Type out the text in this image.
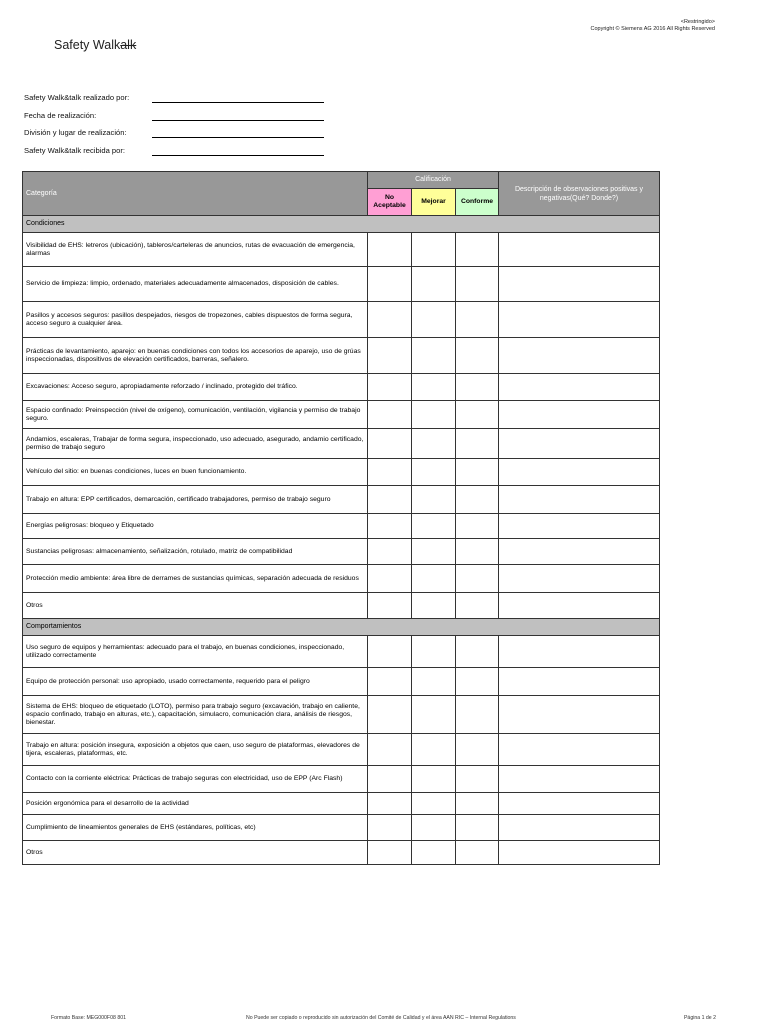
<Restringido>
Copyright © Siemens AG 2016 All Rights Reserved
Safety Walkalk
Safety Walk&talk realizado por:
Fecha de realización:
División y lugar de realización:
Safety Walk&talk recibida por:
Categoría	Calificación			Descripción de observaciones positivas y negativas(Qué? Donde?)
	No Aceptable	Mejorar	Conforme	
Condiciones				
Visibilidad de EHS: letreros (ubicación), tableros/carteleras de anuncios, rutas de evacuación de emergencia, alarmas				
Servicio de limpieza: limpio, ordenado, materiales adecuadamente almacenados, disposición de cables.				
Pasillos y accesos seguros: pasillos despejados, riesgos de tropezones, cables dispuestos de forma segura, acceso seguro a cualquier área.				
Prácticas de levantamiento, aparejo: en buenas condiciones con todos los accesorios de aparejo, uso de grúas inspeccionadas, dispositivos de elevación certificados, barreras, señalero.				
Excavaciones: Acceso seguro, apropiadamente reforzado / inclinado, protegido del tráfico.				
Espacio confinado: Preinspección (nivel de oxígeno), comunicación, ventilación, vigilancia y permiso de trabajo seguro.				
Andamios, escaleras, Trabajar de forma segura, inspeccionado, uso adecuado, asegurado, andamio certificado, permiso de trabajo seguro				
Vehículo del sitio: en buenas condiciones, luces en buen funcionamiento.				
Trabajo en altura: EPP certificados, demarcación, certificado trabajadores, permiso de trabajo seguro				
Energías peligrosas: bloqueo y Etiquetado				
Sustancias peligrosas: almacenamiento, señalización, rotulado, matriz de compatibilidad				
Protección medio ambiente: área libre de derrames de sustancias químicas, separación adecuada de residuos				
Otros				
Comportamientos				
Uso seguro de equipos y herramientas: adecuado para el trabajo, en buenas condiciones, inspeccionado, utilizado correctamente				
Equipo de protección personal: uso apropiado, usado correctamente, requerido para el peligro				
Sistema de EHS: bloqueo de etiquetado (LOTO), permiso para trabajo seguro (excavación, trabajo en caliente, espacio confinado, trabajo en alturas, etc.), capacitación, simulacro, comunicación clara, análisis de riesgos, bienestar.				
Trabajo en altura: posición insegura, exposición a objetos que caen, uso seguro de plataformas, elevadores de tijera, escaleras, plataformas, etc.				
Contacto con la corriente eléctrica: Prácticas de trabajo seguras con electricidad, uso de EPP (Arc Flash)				
Posición ergonómica para el desarrollo de la actividad				
Cumplimiento de lineamientos generales de EHS (estándares, políticas, etc)				
Otros				
Formato Base: MEG000F08 801	No Puede ser copiado o reproducido sin autorización del Comité de Calidad y el área AAN RIC – Internal Regulations	Página 1 de 2
